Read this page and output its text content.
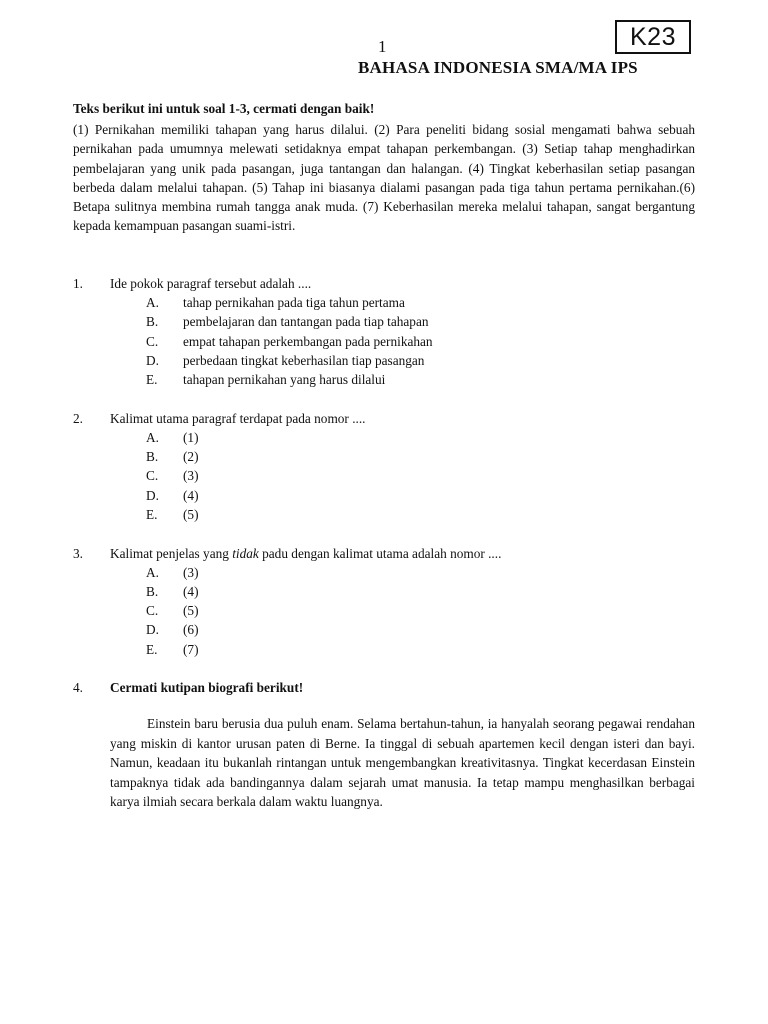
K23
1
BAHASA INDONESIA SMA/MA IPS
Teks berikut ini untuk soal 1-3, cermati dengan baik!
(1) Pernikahan memiliki tahapan yang harus dilalui. (2) Para peneliti bidang sosial mengamati bahwa sebuah pernikahan pada umumnya melewati setidaknya empat tahapan perkembangan. (3) Setiap tahap menghadirkan pembelajaran yang unik pada pasangan, juga tantangan dan halangan. (4) Tingkat keberhasilan setiap pasangan berbeda dalam melalui tahapan. (5) Tahap ini biasanya dialami pasangan pada tiga tahun pertama pernikahan.(6) Betapa sulitnya membina rumah tangga anak muda. (7) Keberhasilan mereka melalui tahapan, sangat bergantung kepada kemampuan pasangan suami-istri.
1. Ide pokok paragraf tersebut adalah ....
A. tahap pernikahan pada tiga tahun pertama
B. pembelajaran dan tantangan pada tiap tahapan
C. empat tahapan perkembangan pada pernikahan
D. perbedaan tingkat keberhasilan tiap pasangan
E. tahapan pernikahan yang harus dilalui
2. Kalimat utama paragraf terdapat pada nomor ....
A. (1)
B. (2)
C. (3)
D. (4)
E. (5)
3. Kalimat penjelas yang tidak padu dengan kalimat utama adalah nomor ....
A. (3)
B. (4)
C. (5)
D. (6)
E. (7)
4. Cermati kutipan biografi berikut!
Einstein baru berusia dua puluh enam. Selama bertahun-tahun, ia hanyalah seorang pegawai rendahan yang miskin di kantor urusan paten di Berne. Ia tinggal di sebuah apartemen kecil dengan isteri dan bayi. Namun, keadaan itu bukanlah rintangan untuk mengembangkan kreativitasnya. Tingkat kecerdasan Einstein tampaknya tidak ada bandingannya dalam sejarah umat manusia. Ia tetap mampu menghasilkan berbagai karya ilmiah secara berkala dalam waktu luangnya.
